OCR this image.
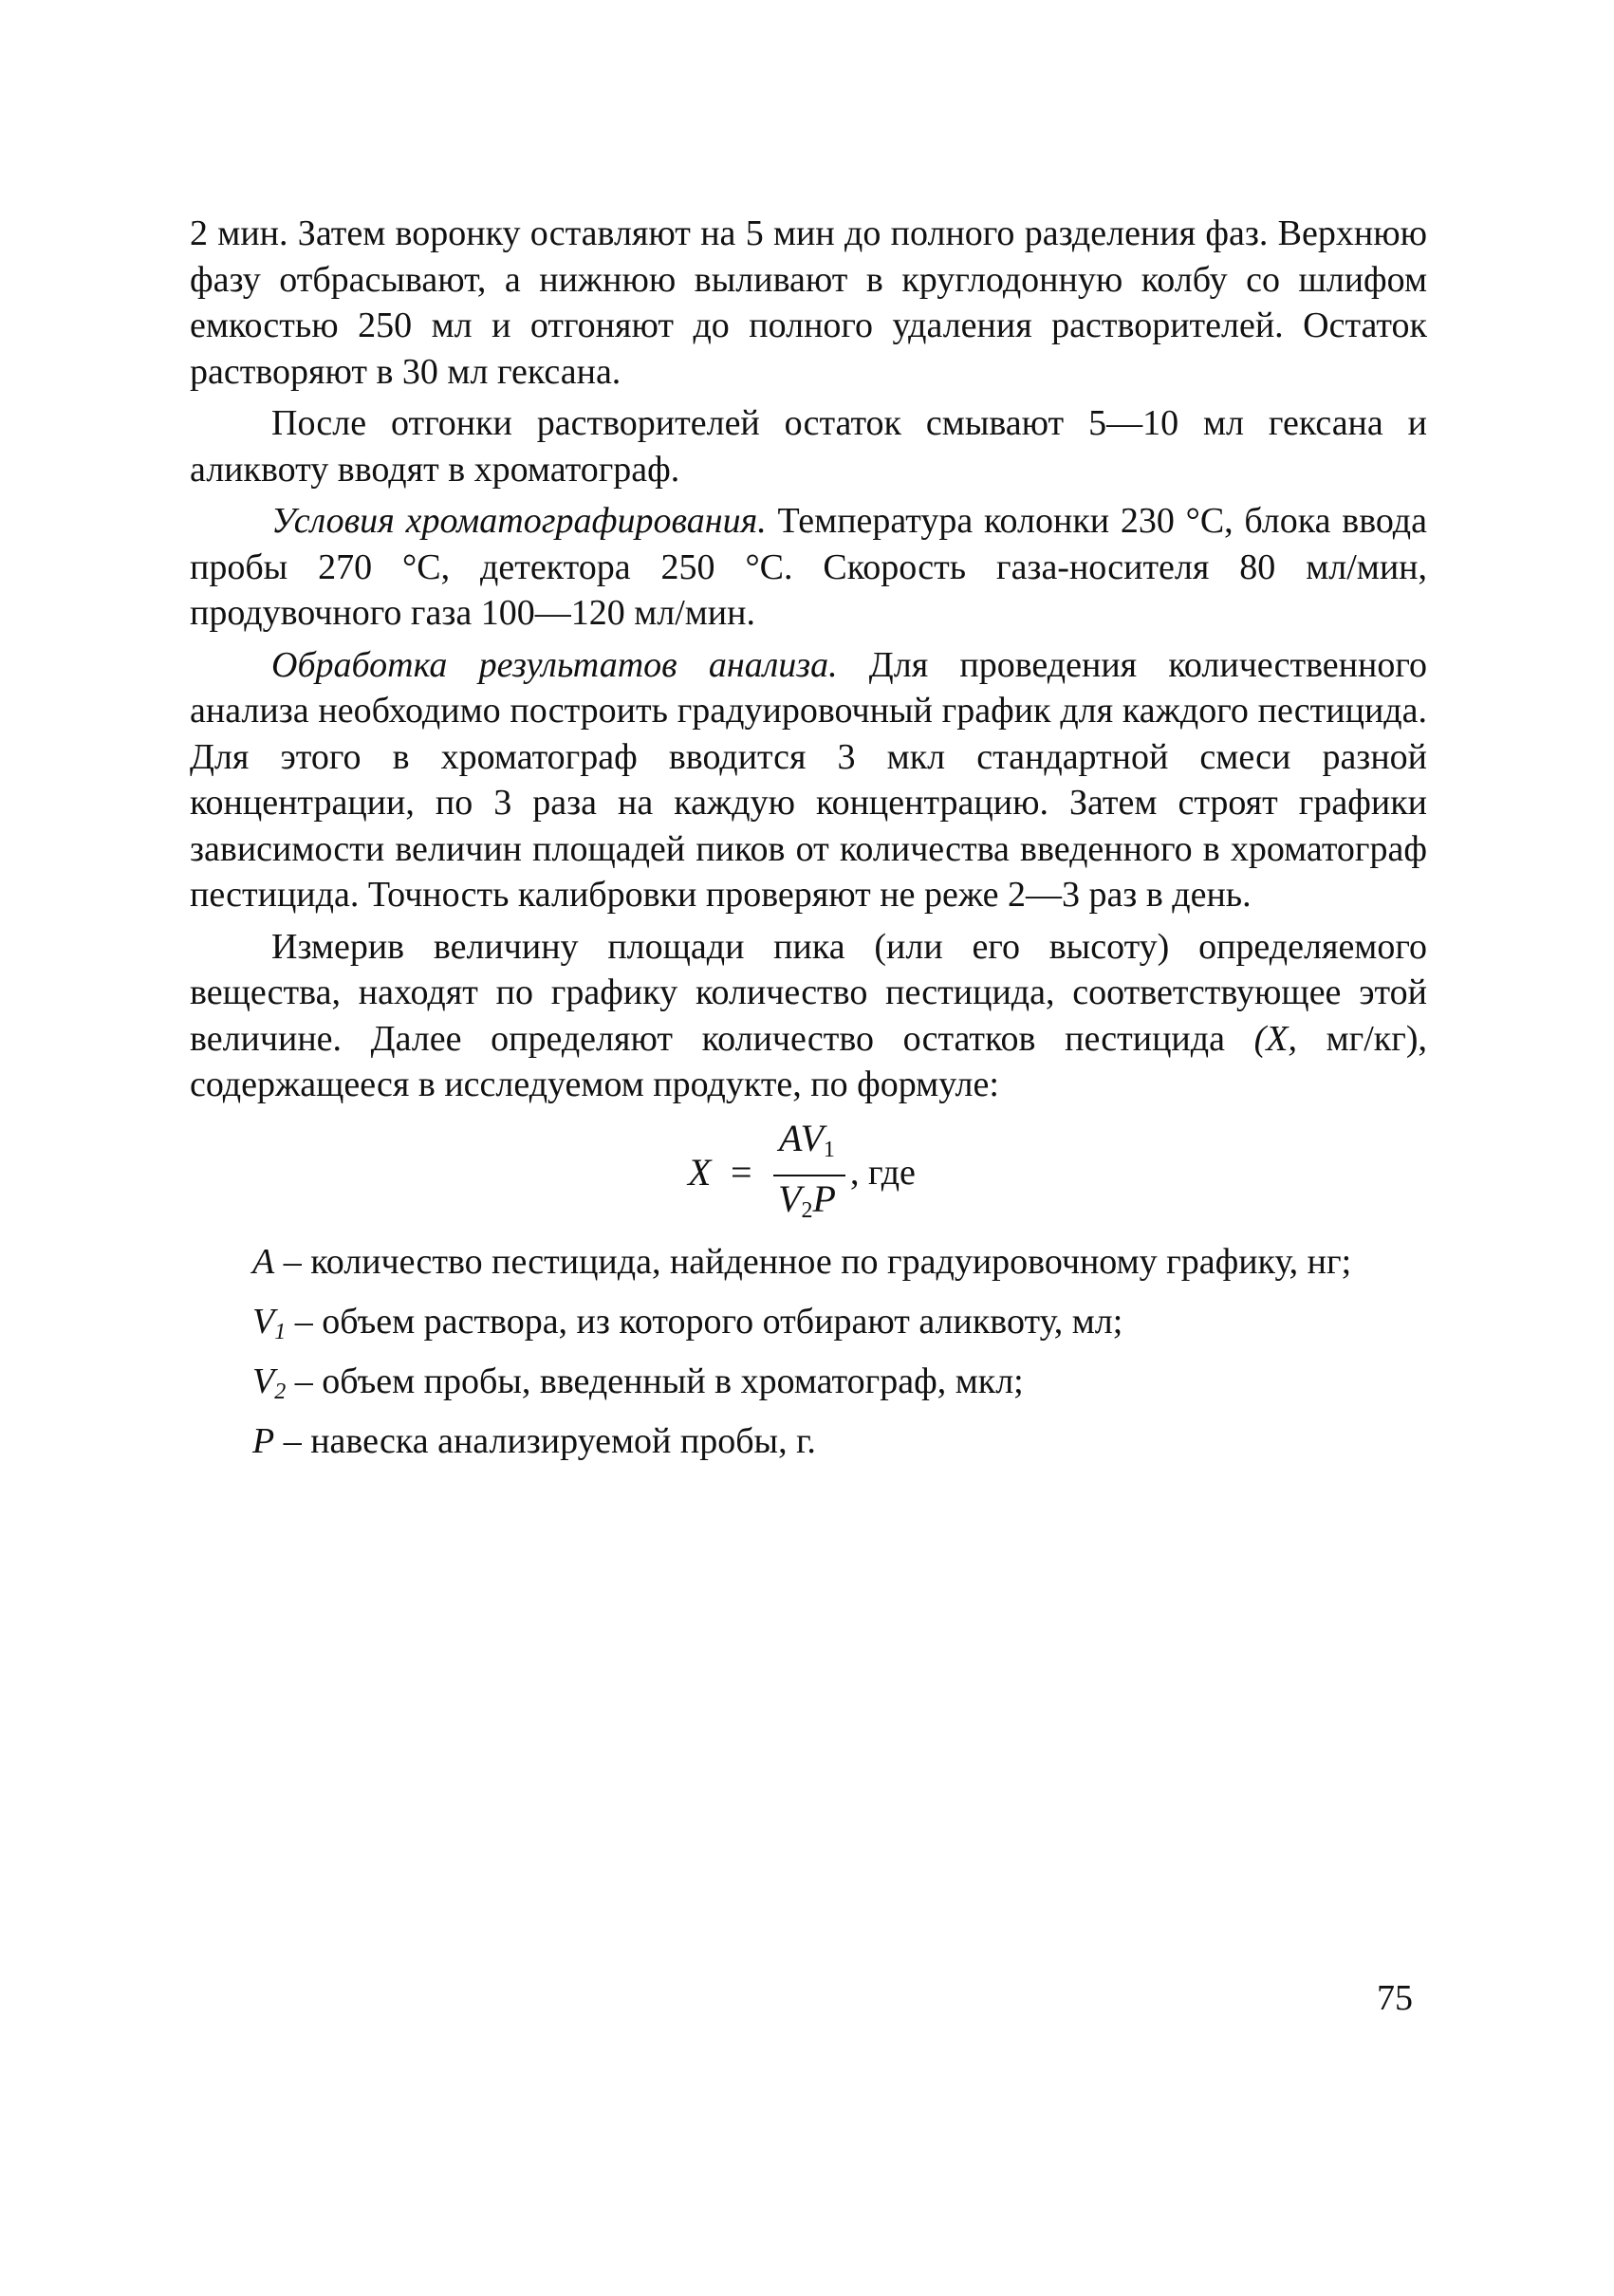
2 мин. Затем воронку оставляют на 5 мин до полного разделения фаз. Верхнюю фазу отбрасывают, а нижнюю выливают в круглодонную колбу со шлифом емкостью 250 мл и отгоняют до полного удаления растворителей. Остаток растворяют в 30 мл гексана.

После отгонки растворителей остаток смывают 5—10 мл гексана и аликвоту вводят в хроматограф.

Условия хроматографирования. Температура колонки 230 °С, блока ввода пробы 270 °С, детектора 250 °С. Скорость газа-носителя 80 мл/мин, продувочного газа 100—120 мл/мин.

Обработка результатов анализа. Для проведения количественного анализа необходимо построить градуировочный график для каждого пестицида. Для этого в хроматограф вводится 3 мкл стандартной смеси разной концентрации, по 3 раза на каждую концентрацию. Затем строят графики зависимости величин площадей пиков от количества введенного в хроматограф пестицида. Точность калибровки проверяют не реже 2—3 раз в день.

Измерив величину площади пика (или его высоту) определяемого вещества, находят по графику количество пестицида, соответствующее этой величине. Далее определяют количество остатков пестицида (X, мг/кг), содержащееся в исследуемом продукте, по формуле:

X =
$AV_1$
$V_2P$
, где

A – количество пестицида, найденное по градуировочному графику, нг;

$V_1$ – объем раствора, из которого отбирают аликвоту, мл;

$V_2$ – объем пробы, введенный в хроматограф, мкл;

P – навеска анализируемой пробы, г.

75
